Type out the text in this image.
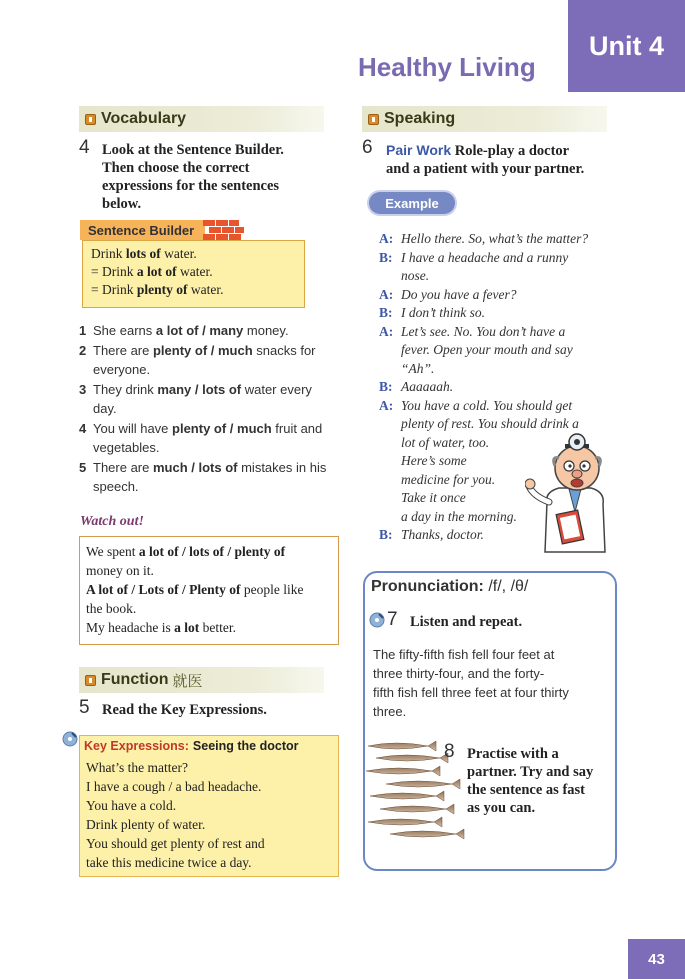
Unit 4
Healthy Living
Vocabulary
4 Look at the Sentence Builder.
Then choose the correct
expressions for the sentences
below.
Sentence Builder
Drink lots of water.
= Drink a lot of water.
= Drink plenty of water.
1 She earns a lot of / many money.
2 There are plenty of / much snacks for
everyone.
3 They drink many / lots of water every
day.
4 You will have plenty of / much fruit and
vegetables.
5 There are much / lots of mistakes in his
speech.
Watch out!
We spent a lot of / lots of / plenty of
money on it.
A lot of / Lots of / Plenty of people like
the book.
My headache is a lot better.
Function 就医
5 Read the Key Expressions.
Key Expressions: Seeing the doctor
What’s the matter?
I have a cough / a bad headache.
You have a cold.
Drink plenty of water.
You should get plenty of rest and
take this medicine twice a day.
Speaking
6 Pair Work Role-play a doctor
and a patient with your partner.
Example
A: Hello there. So, what’s the matter?
B: I have a headache and a runny
nose.
A: Do you have a fever?
B: I don’t think so.
A: Let’s see. No. You don’t have a
fever. Open your mouth and say
“Ah”.
B: Aaaaaah.
A: You have a cold. You should get
plenty of rest. You should drink a
lot of water, too.
Here’s some
medicine for you.
Take it once
a day in the morning.
B: Thanks, doctor.
Pronunciation: /f/, /θ/
7 Listen and repeat.
The fifty-fifth fish fell four feet at
three thirty-four, and the forty-
fifth fish fell three feet at four thirty
three.
8 Practise with a
partner. Try and say
the sentence as fast
as you can.
43
